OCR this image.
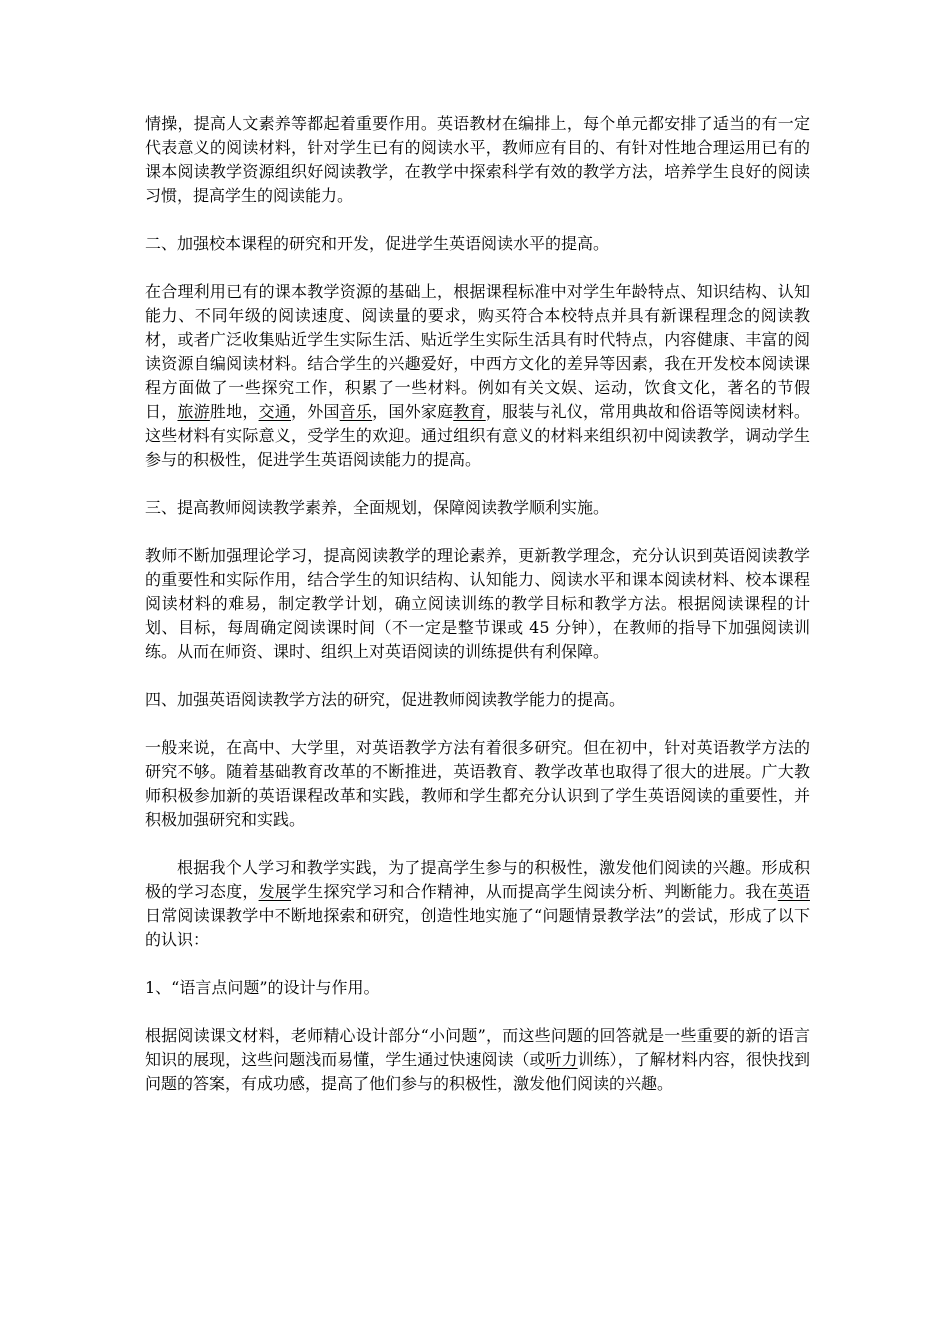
情操，提高人文素养等都起着重要作用。英语教材在编排上，每个单元都安排了适当的有一定代表意义的阅读材料，针对学生已有的阅读水平，教师应有目的、有针对性地合理运用已有的课本阅读教学资源组织好阅读教学，在教学中探索科学有效的教学方法，培养学生良好的阅读习惯，提高学生的阅读能力。

二、加强校本课程的研究和开发，促进学生英语阅读水平的提高。

在合理利用已有的课本教学资源的基础上，根据课程标准中对学生年龄特点、知识结构、认知能力、不同年级的阅读速度、阅读量的要求，购买符合本校特点并具有新课程理念的阅读教材，或者广泛收集贴近学生实际生活、贴近学生实际生活具有时代特点，内容健康、丰富的阅读资源自编阅读材料。结合学生的兴趣爱好，中西方文化的差异等因素，我在开发校本阅读课程方面做了一些探究工作，积累了一些材料。例如有关文娱、运动，饮食文化，著名的节假日，旅游胜地，交通，外国音乐，国外家庭教育，服装与礼仪，常用典故和俗语等阅读材料。这些材料有实际意义，受学生的欢迎。通过组织有意义的材料来组织初中阅读教学，调动学生参与的积极性，促进学生英语阅读能力的提高。

三、提高教师阅读教学素养，全面规划，保障阅读教学顺利实施。

教师不断加强理论学习，提高阅读教学的理论素养，更新教学理念，充分认识到英语阅读教学的重要性和实际作用，结合学生的知识结构、认知能力、阅读水平和课本阅读材料、校本课程阅读材料的难易，制定教学计划，确立阅读训练的教学目标和教学方法。根据阅读课程的计划、目标，每周确定阅读课时间（不一定是整节课或 45 分钟），在教师的指导下加强阅读训练。从而在师资、课时、组织上对英语阅读的训练提供有利保障。

四、加强英语阅读教学方法的研究，促进教师阅读教学能力的提高。

一般来说，在高中、大学里，对英语教学方法有着很多研究。但在初中，针对英语教学方法的研究不够。随着基础教育改革的不断推进，英语教育、教学改革也取得了很大的进展。广大教师积极参加新的英语课程改革和实践，教师和学生都充分认识到了学生英语阅读的重要性，并积极加强研究和实践。

根据我个人学习和教学实践，为了提高学生参与的积极性，激发他们阅读的兴趣。形成积极的学习态度，发展学生探究学习和合作精神，从而提高学生阅读分析、判断能力。我在英语日常阅读课教学中不断地探索和研究，创造性地实施了“问题情景教学法”的尝试，形成了以下的认识：

1、“语言点问题”的设计与作用。

根据阅读课文材料，老师精心设计部分“小问题”，而这些问题的回答就是一些重要的新的语言知识的展现，这些问题浅而易懂，学生通过快速阅读（或听力训练），了解材料内容，很快找到问题的答案，有成功感，提高了他们参与的积极性，激发他们阅读的兴趣。
